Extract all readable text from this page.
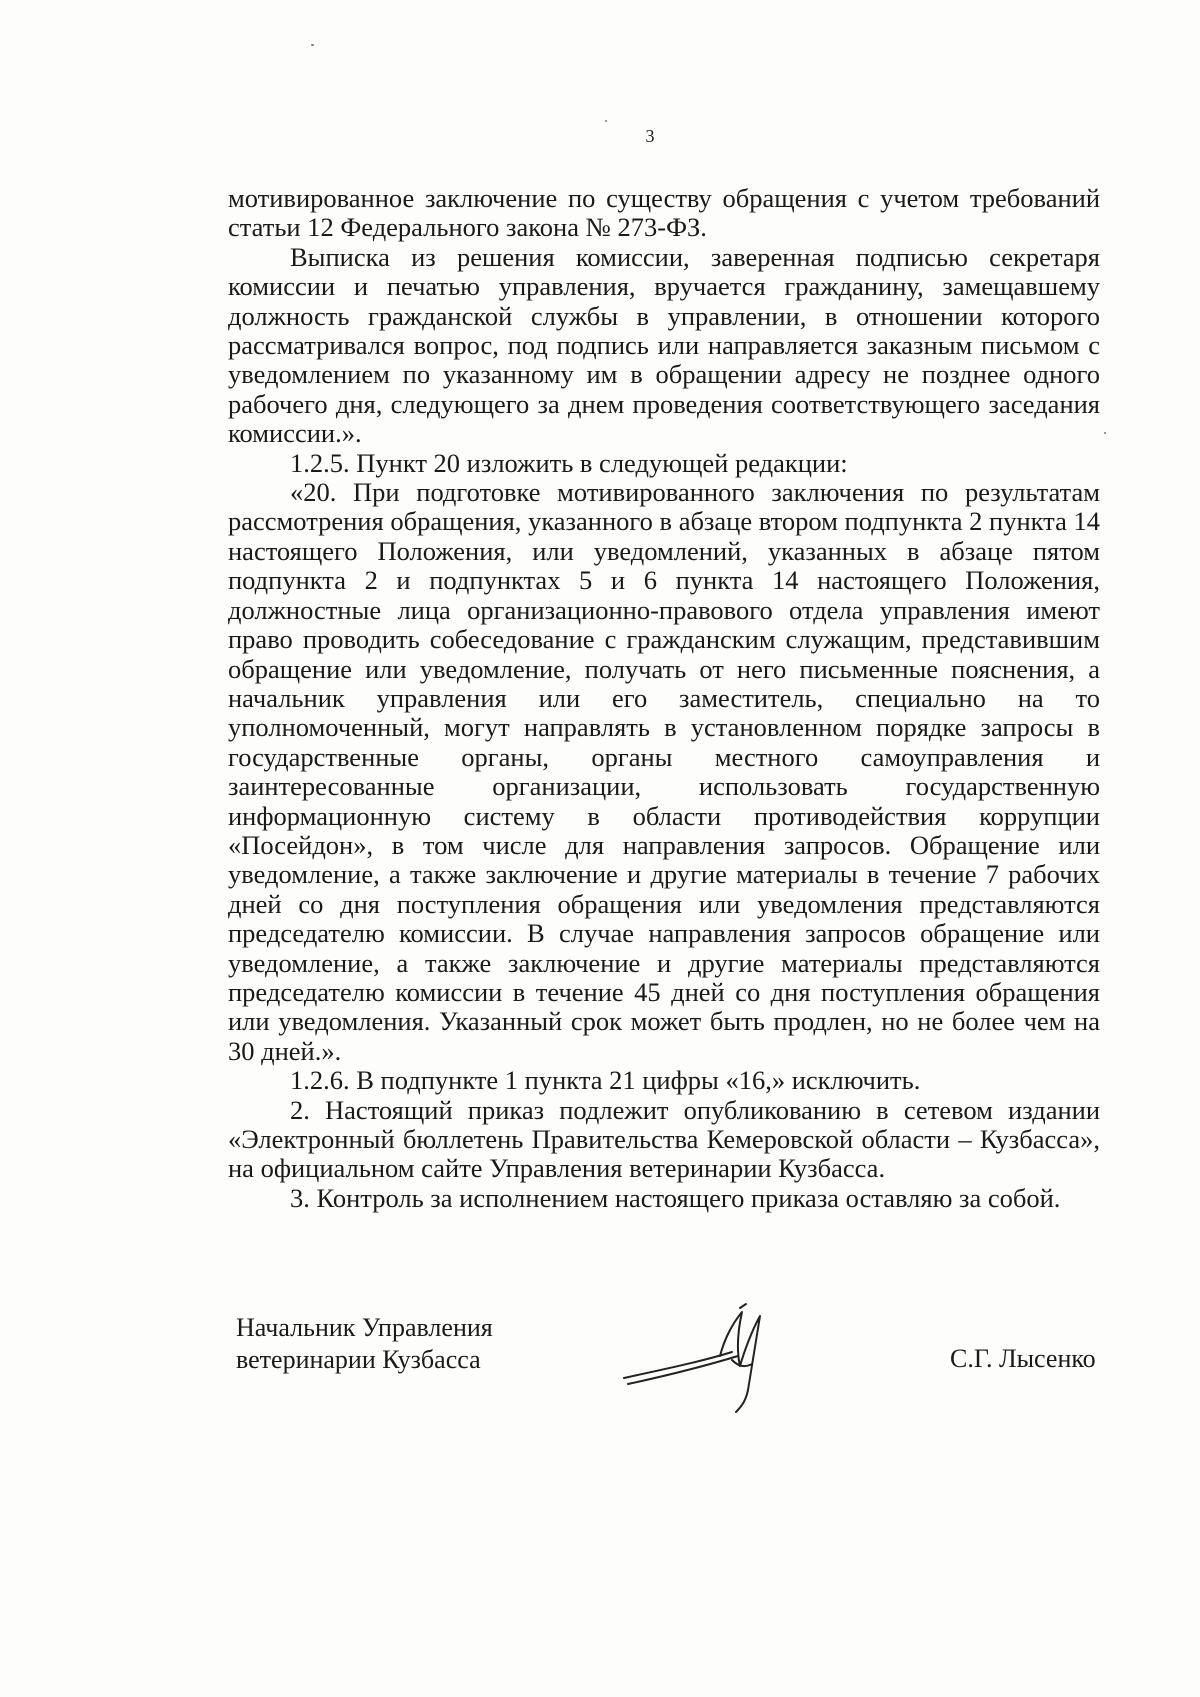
3

мотивированное заключение по существу обращения с учетом требований статьи 12 Федерального закона № 273-ФЗ.

Выписка из решения комиссии, заверенная подписью секретаря комиссии и печатью управления, вручается гражданину, замещавшему должность гражданской службы в управлении, в отношении которого рассматривался вопрос, под подпись или направляется заказным письмом с уведомлением по указанному им в обращении адресу не позднее одного рабочего дня, следующего за днем проведения соответствующего заседания комиссии.».

1.2.5. Пункт 20 изложить в следующей редакции:

«20. При подготовке мотивированного заключения по результатам рассмотрения обращения, указанного в абзаце втором подпункта 2 пункта 14 настоящего Положения, или уведомлений, указанных в абзаце пятом подпункта 2 и подпунктах 5 и 6 пункта 14 настоящего Положения, должностные лица организационно-правового отдела управления имеют право проводить собеседование с гражданским служащим, представившим обращение или уведомление, получать от него письменные пояснения, а начальник управления или его заместитель, специально на то уполномоченный, могут направлять в установленном порядке запросы в государственные органы, органы местного самоуправления и заинтересованные организации, использовать государственную информационную систему в области противодействия коррупции «Посейдон», в том числе для направления запросов. Обращение или уведомление, а также заключение и другие материалы в течение 7 рабочих дней со дня поступления обращения или уведомления представляются председателю комиссии. В случае направления запросов обращение или уведомление, а также заключение и другие материалы представляются председателю комиссии в течение 45 дней со дня поступления обращения или уведомления. Указанный срок может быть продлен, но не более чем на 30 дней.».

1.2.6. В подпункте 1 пункта 21 цифры «16,» исключить.

2. Настоящий приказ подлежит опубликованию в сетевом издании «Электронный бюллетень Правительства Кемеровской области – Кузбасса», на официальном сайте Управления ветеринарии Кузбасса.

3. Контроль за исполнением настоящего приказа оставляю за собой.

Начальник Управления
ветеринарии Кузбасса	С.Г. Лысенко
